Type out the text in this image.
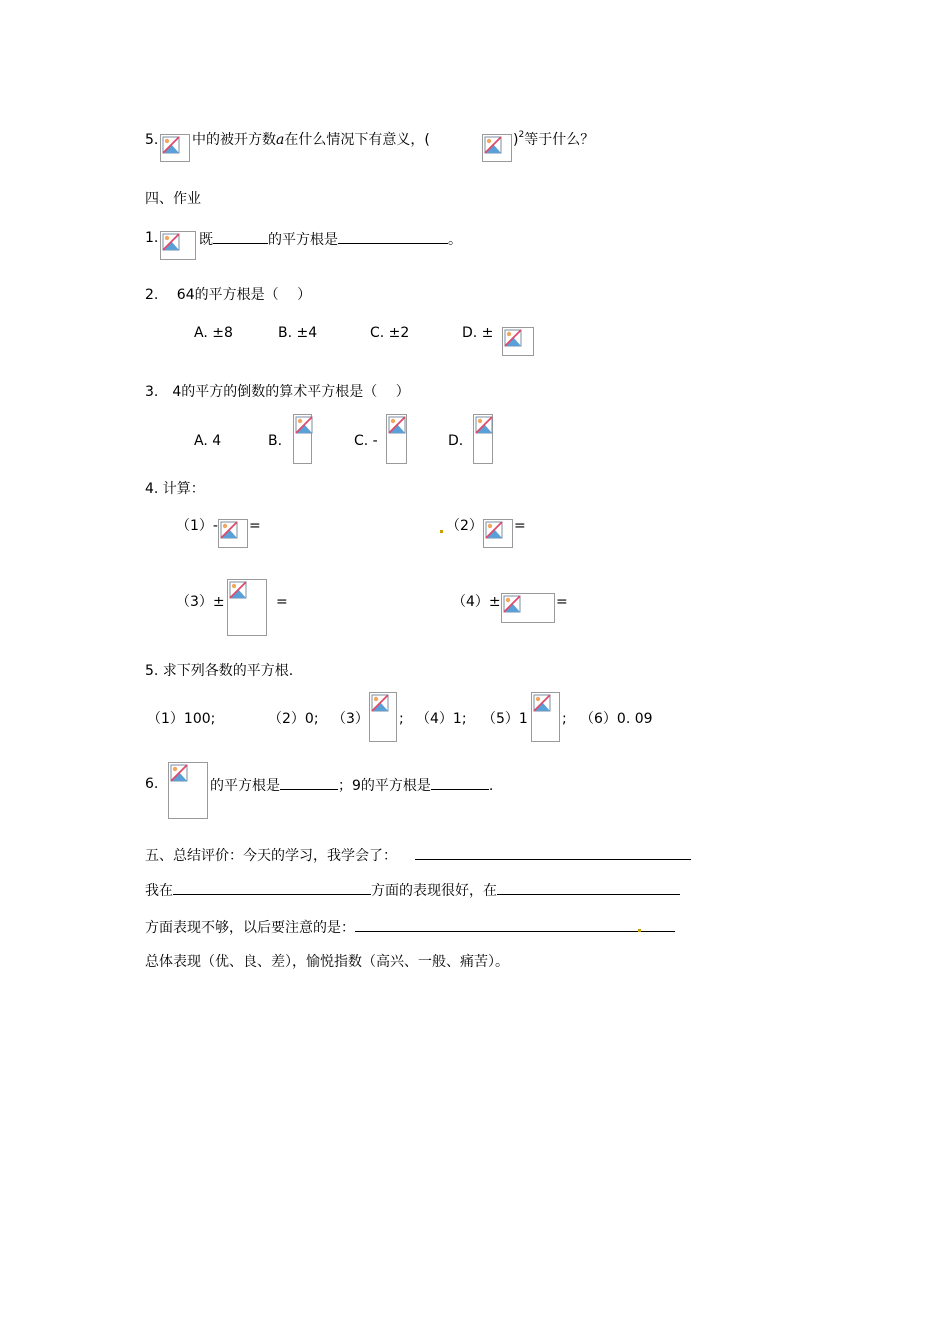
5. 中的被开方数a在什么情况下有意义，(	)$^2$等于什么？
四、作业
1.	既	的平方根是	。
2.　 64的平方根是（　 ）
A. ±8	B. ±4	C. ±2	D. ±
3.　4的平方的倒数的算术平方根是（　 ）
A. 4	B.	C. -	D.
4. 计算：
（1）- =	（2） =
（3）±	=	（4）±	=
5. 求下列各数的平方根.
（1）100;	（2）0; （3） ; （4）1; （5）1 ; （6）0. 09
6.	的平方根是	；9的平方根是	.
五、总结评价：今天的学习，我学会了：
我在	方面的表现很好，在
方面表现不够，以后要注意的是：
总体表现（优、良、差），愉悦指数（高兴、一般、痛苦）。
